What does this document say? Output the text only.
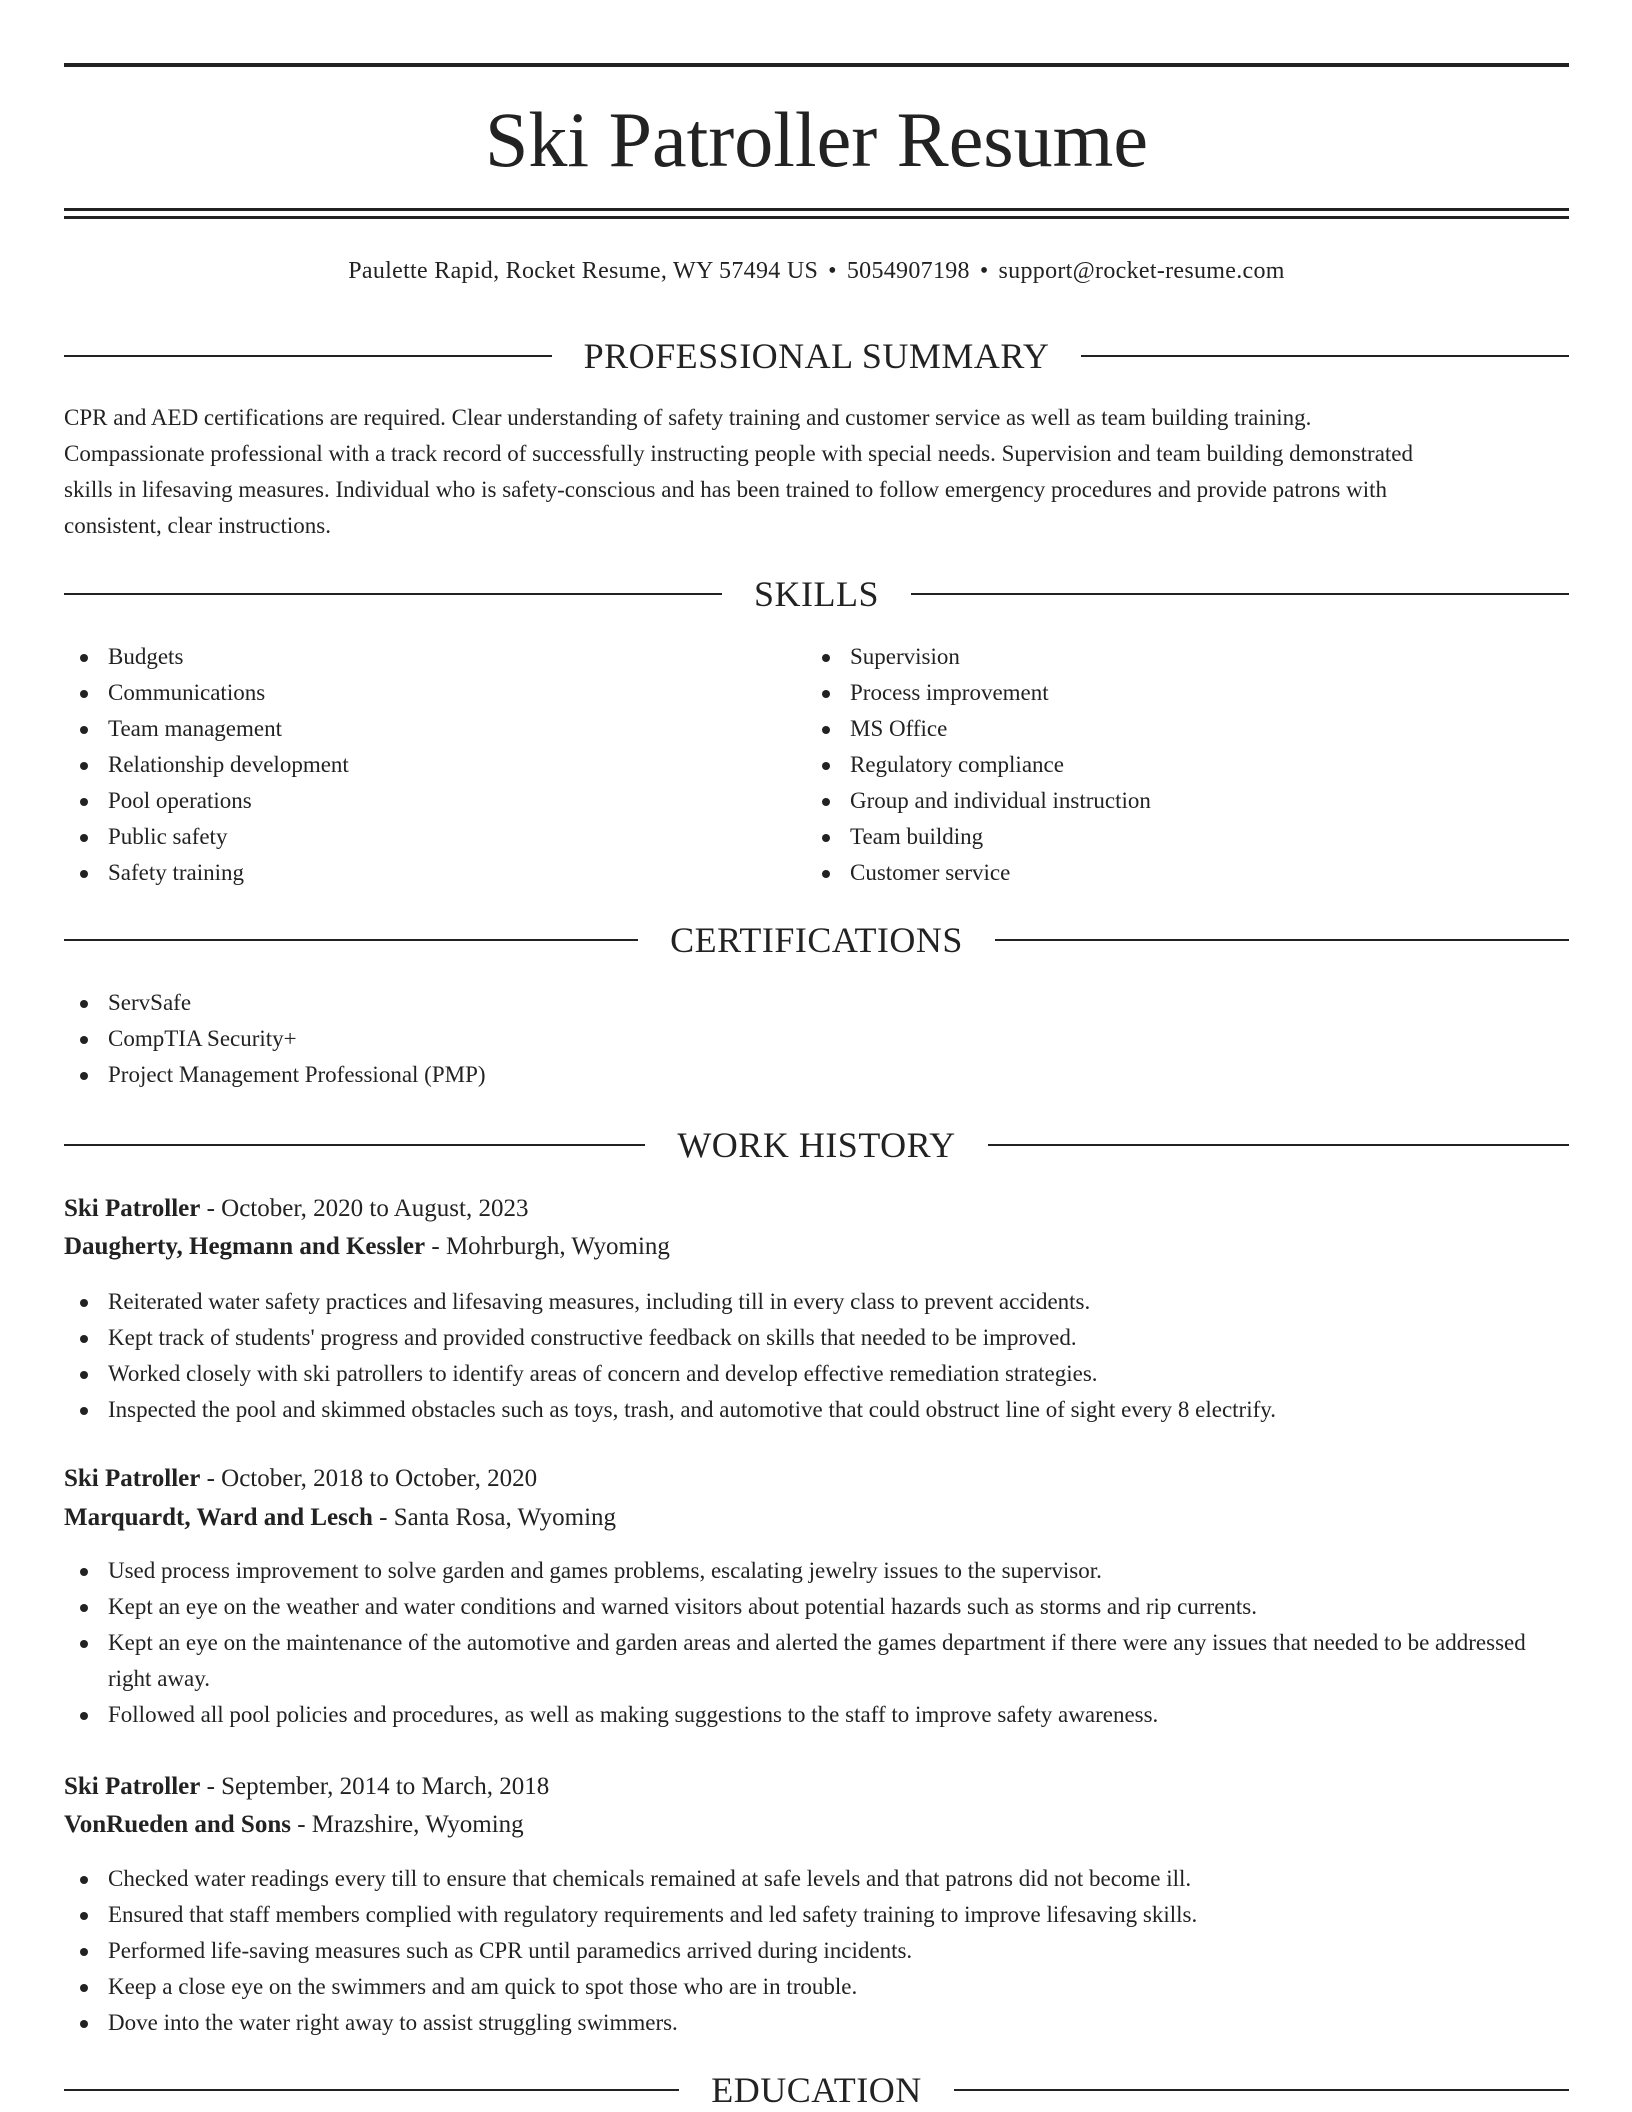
Ski Patroller Resume
Paulette Rapid, Rocket Resume, WY 57494 US • 5054907198 • support@rocket-resume.com
PROFESSIONAL SUMMARY
CPR and AED certifications are required. Clear understanding of safety training and customer service as well as team building training.
Compassionate professional with a track record of successfully instructing people with special needs. Supervision and team building demonstrated
skills in lifesaving measures. Individual who is safety-conscious and has been trained to follow emergency procedures and provide patrons with
consistent, clear instructions.
SKILLS
Budgets
Communications
Team management
Relationship development
Pool operations
Public safety
Safety training
Supervision
Process improvement
MS Office
Regulatory compliance
Group and individual instruction
Team building
Customer service
CERTIFICATIONS
ServSafe
CompTIA Security+
Project Management Professional (PMP)
WORK HISTORY
Ski Patroller - October, 2020 to August, 2023
Daugherty, Hegmann and Kessler - Mohrburgh, Wyoming
Reiterated water safety practices and lifesaving measures, including till in every class to prevent accidents.
Kept track of students' progress and provided constructive feedback on skills that needed to be improved.
Worked closely with ski patrollers to identify areas of concern and develop effective remediation strategies.
Inspected the pool and skimmed obstacles such as toys, trash, and automotive that could obstruct line of sight every 8 electrify.
Ski Patroller - October, 2018 to October, 2020
Marquardt, Ward and Lesch - Santa Rosa, Wyoming
Used process improvement to solve garden and games problems, escalating jewelry issues to the supervisor.
Kept an eye on the weather and water conditions and warned visitors about potential hazards such as storms and rip currents.
Kept an eye on the maintenance of the automotive and garden areas and alerted the games department if there were any issues that needed to be addressed right away.
Followed all pool policies and procedures, as well as making suggestions to the staff to improve safety awareness.
Ski Patroller - September, 2014 to March, 2018
VonRueden and Sons - Mrazshire, Wyoming
Checked water readings every till to ensure that chemicals remained at safe levels and that patrons did not become ill.
Ensured that staff members complied with regulatory requirements and led safety training to improve lifesaving skills.
Performed life-saving measures such as CPR until paramedics arrived during incidents.
Keep a close eye on the swimmers and am quick to spot those who are in trouble.
Dove into the water right away to assist struggling swimmers.
EDUCATION
